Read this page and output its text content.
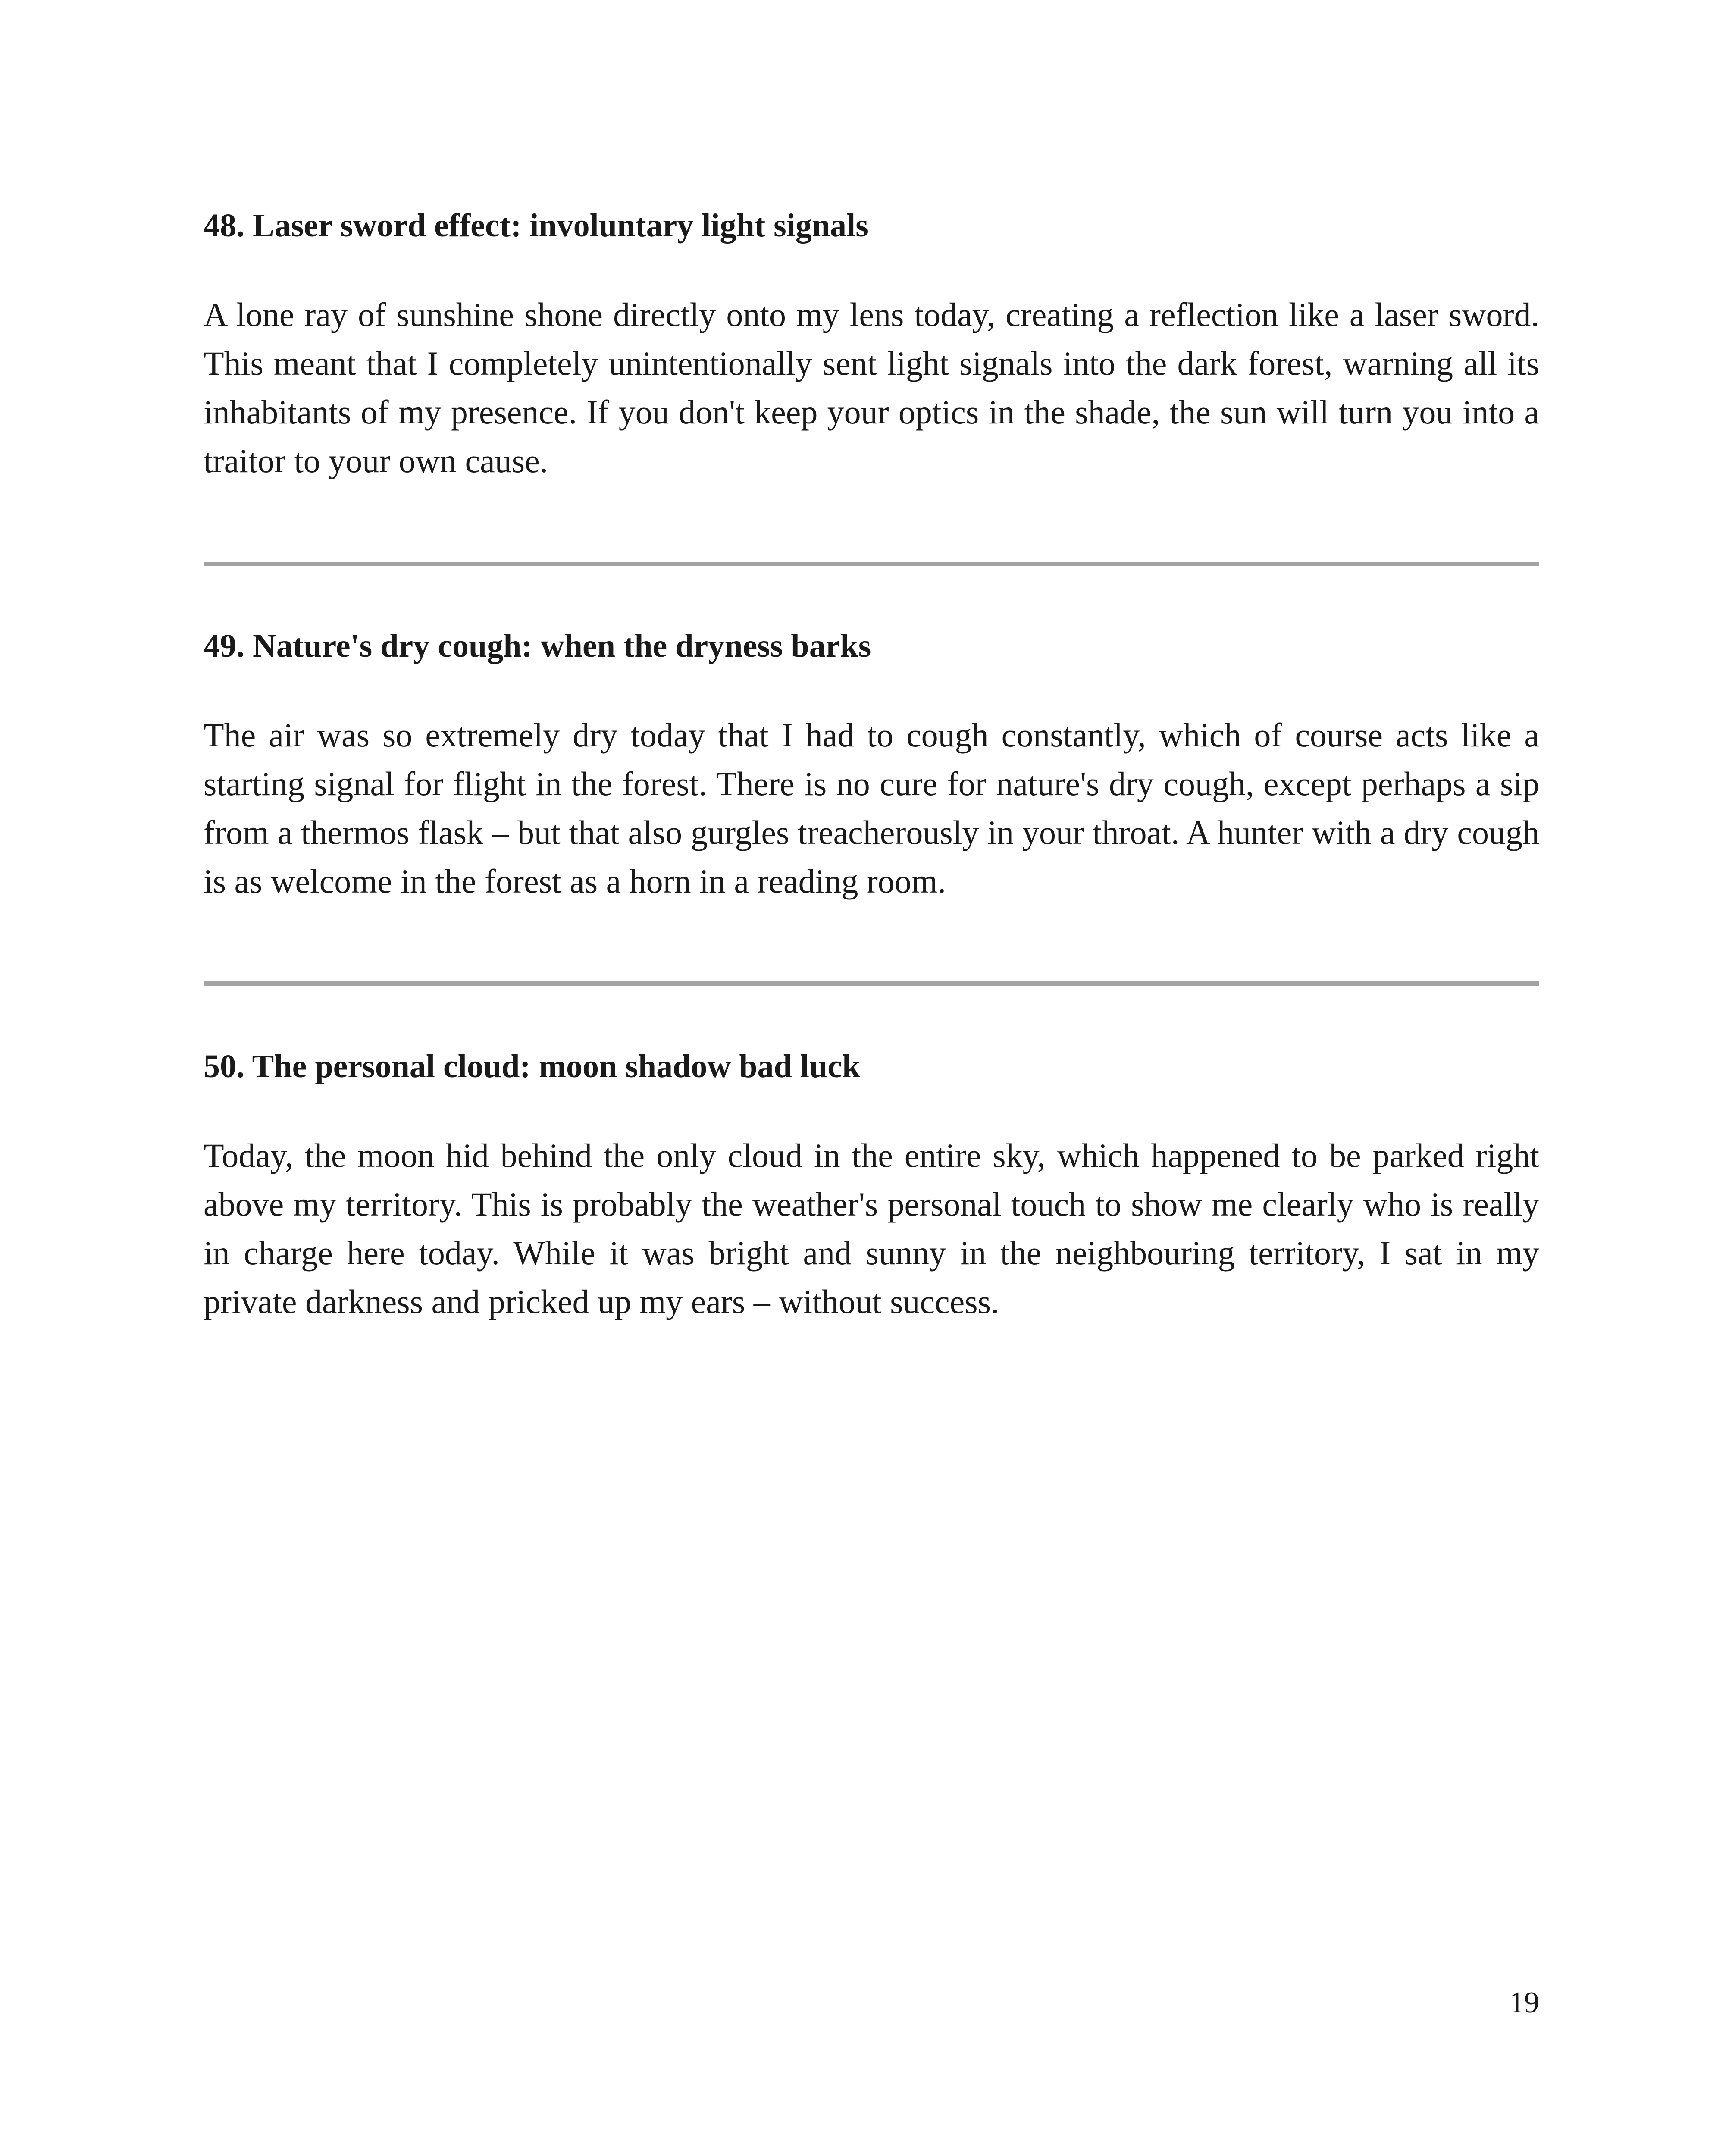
48. Laser sword effect: involuntary light signals

A lone ray of sunshine shone directly onto my lens today, creating a reflection like a laser sword. This meant that I completely unintentionally sent light signals into the dark forest, warning all its inhabitants of my presence. If you don't keep your optics in the shade, the sun will turn you into a traitor to your own cause.

49. Nature's dry cough: when the dryness barks

The air was so extremely dry today that I had to cough constantly, which of course acts like a starting signal for flight in the forest. There is no cure for nature's dry cough, except perhaps a sip from a thermos flask – but that also gurgles treacherously in your throat. A hunter with a dry cough is as welcome in the forest as a horn in a reading room.

50. The personal cloud: moon shadow bad luck

Today, the moon hid behind the only cloud in the entire sky, which happened to be parked right above my territory. This is probably the weather's personal touch to show me clearly who is really in charge here today. While it was bright and sunny in the neighbouring territory, I sat in my private darkness and pricked up my ears – without success.

19
